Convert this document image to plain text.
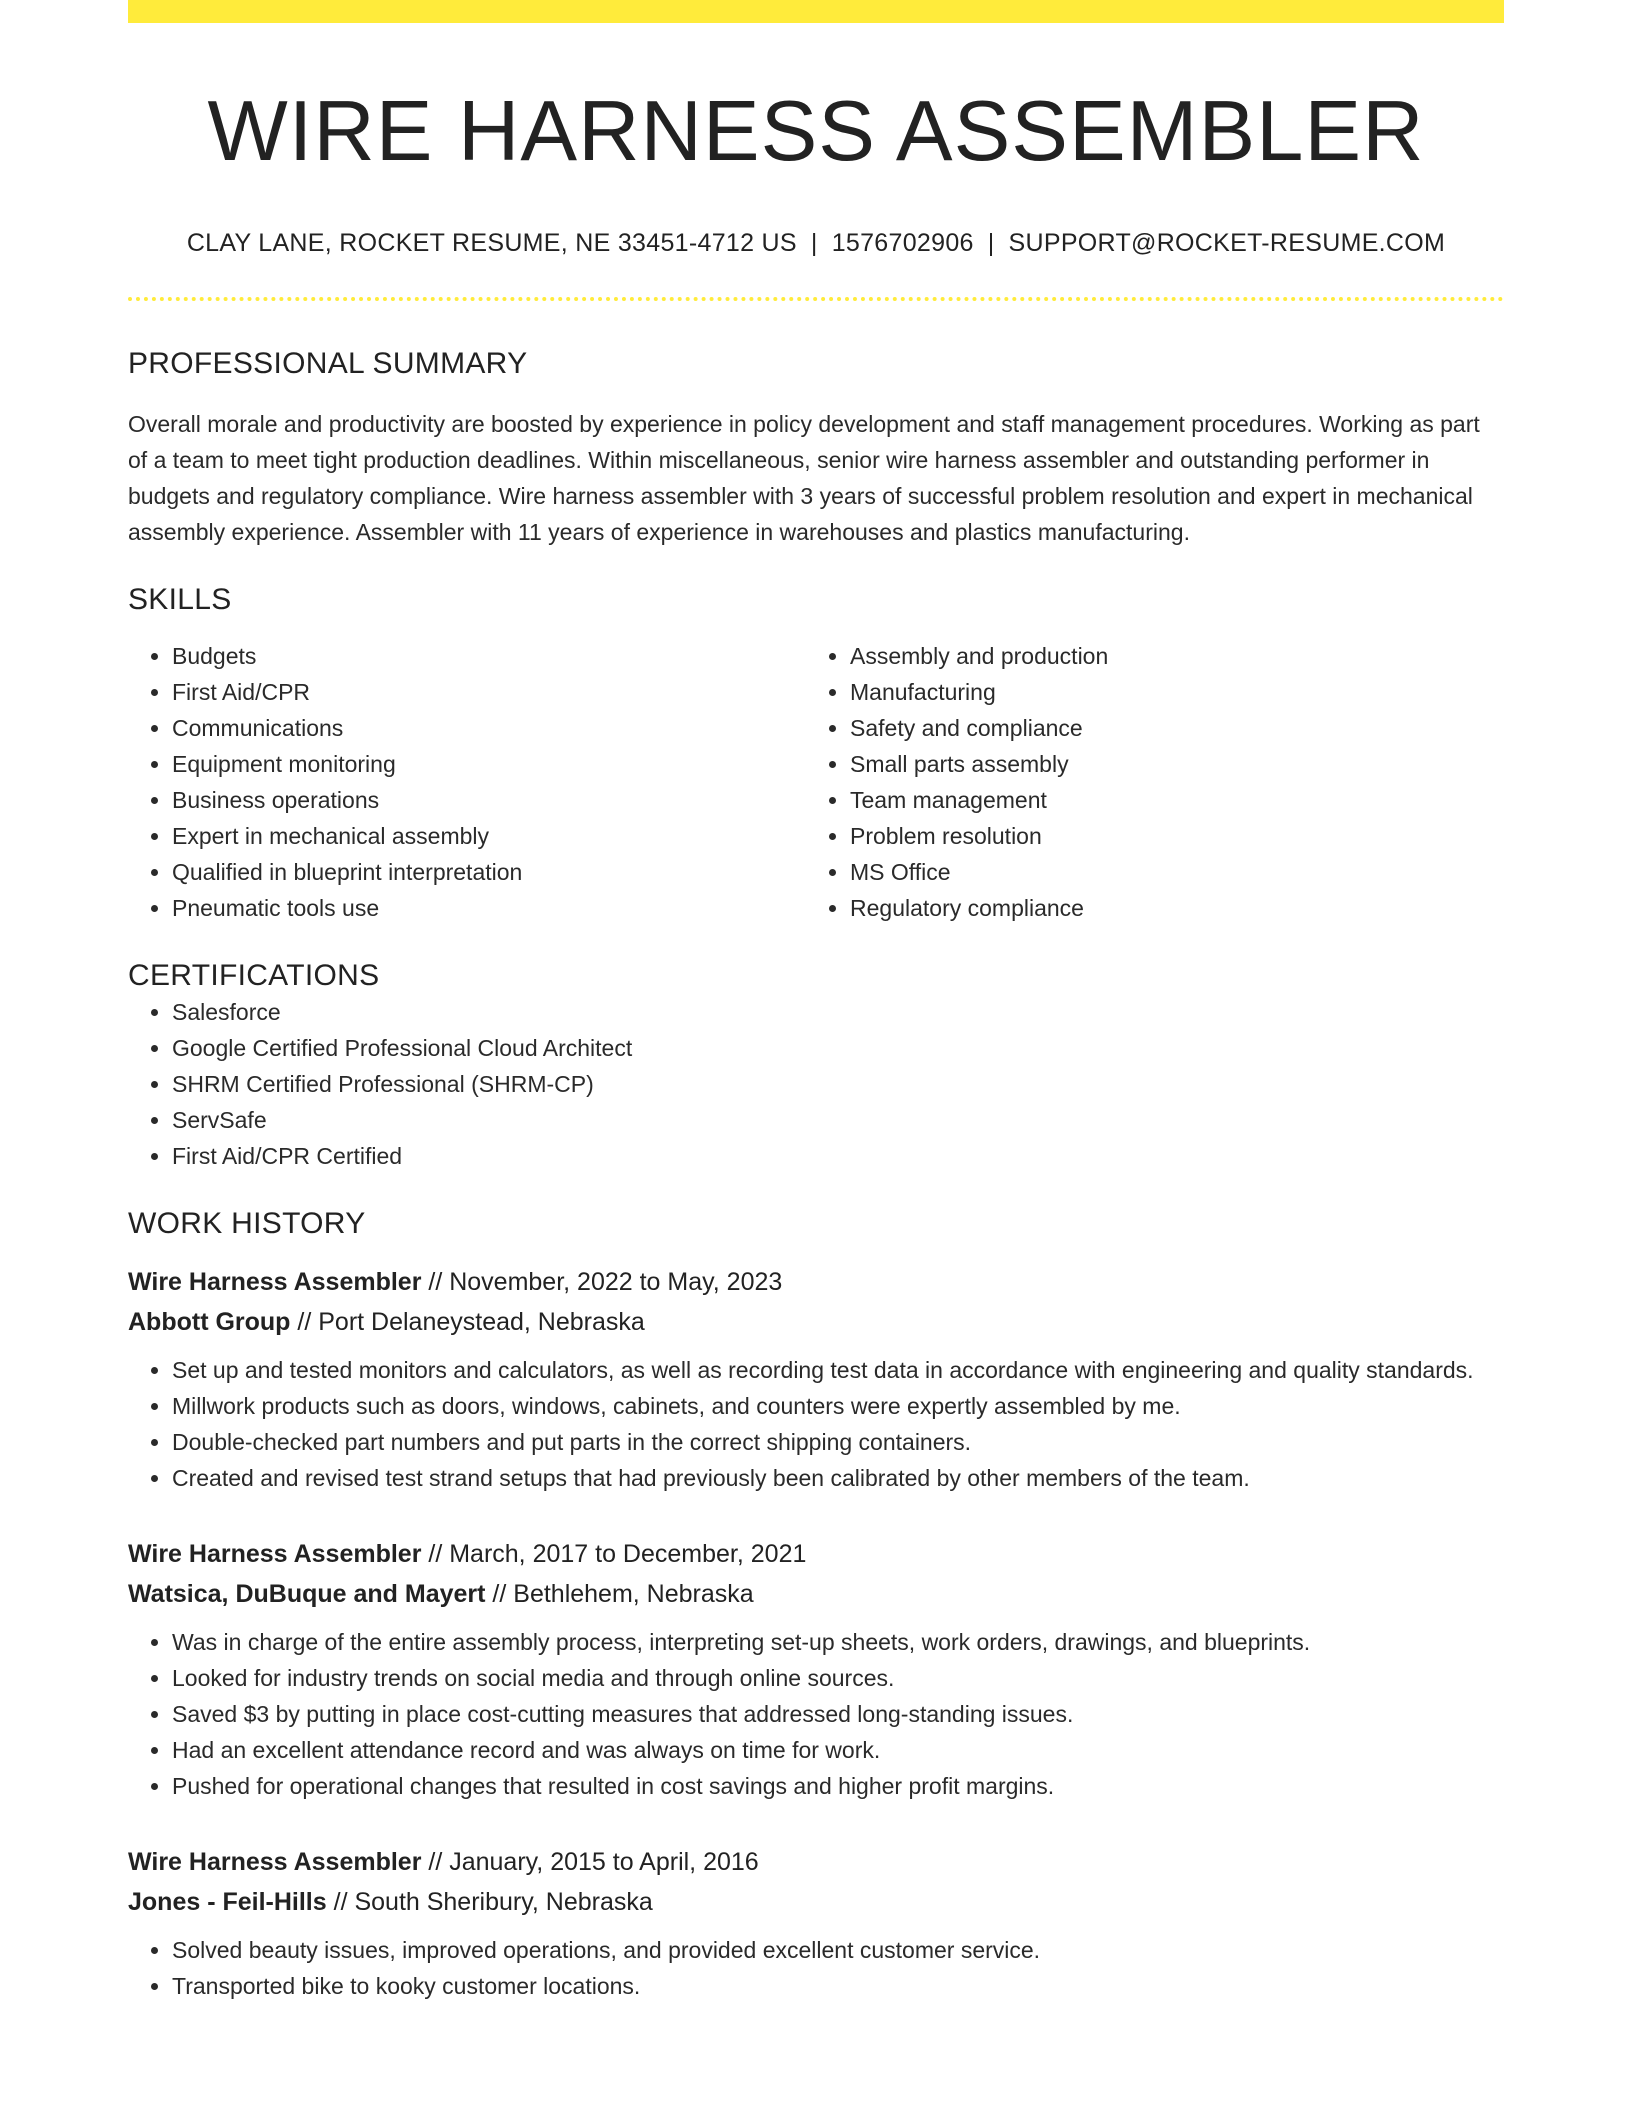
WIRE HARNESS ASSEMBLER
CLAY LANE, ROCKET RESUME, NE 33451-4712 US | 1576702906 | SUPPORT@ROCKET-RESUME.COM
PROFESSIONAL SUMMARY

Overall morale and productivity are boosted by experience in policy development and staff management procedures. Working as part of a team to meet tight production deadlines. Within miscellaneous, senior wire harness assembler and outstanding performer in budgets and regulatory compliance. Wire harness assembler with 3 years of successful problem resolution and expert in mechanical assembly experience. Assembler with 11 years of experience in warehouses and plastics manufacturing.

SKILLS
• Budgets
• First Aid/CPR
• Communications
• Equipment monitoring
• Business operations
• Expert in mechanical assembly
• Qualified in blueprint interpretation
• Pneumatic tools use
• Assembly and production
• Manufacturing
• Safety and compliance
• Small parts assembly
• Team management
• Problem resolution
• MS Office
• Regulatory compliance
CERTIFICATIONS
• Salesforce
• Google Certified Professional Cloud Architect
• SHRM Certified Professional (SHRM-CP)
• ServSafe
• First Aid/CPR Certified
WORK HISTORY
Wire Harness Assembler // November, 2022 to May, 2023
Abbott Group // Port Delaneystead, Nebraska
• Set up and tested monitors and calculators, as well as recording test data in accordance with engineering and quality standards.
• Millwork products such as doors, windows, cabinets, and counters were expertly assembled by me.
• Double-checked part numbers and put parts in the correct shipping containers.
• Created and revised test strand setups that had previously been calibrated by other members of the team.
Wire Harness Assembler // March, 2017 to December, 2021
Watsica, DuBuque and Mayert // Bethlehem, Nebraska
• Was in charge of the entire assembly process, interpreting set-up sheets, work orders, drawings, and blueprints.
• Looked for industry trends on social media and through online sources.
• Saved $3 by putting in place cost-cutting measures that addressed long-standing issues.
• Had an excellent attendance record and was always on time for work.
• Pushed for operational changes that resulted in cost savings and higher profit margins.
Wire Harness Assembler // January, 2015 to April, 2016
Jones - Feil-Hills // South Sheribury, Nebraska
• Solved beauty issues, improved operations, and provided excellent customer service.
• Transported bike to kooky customer locations.
